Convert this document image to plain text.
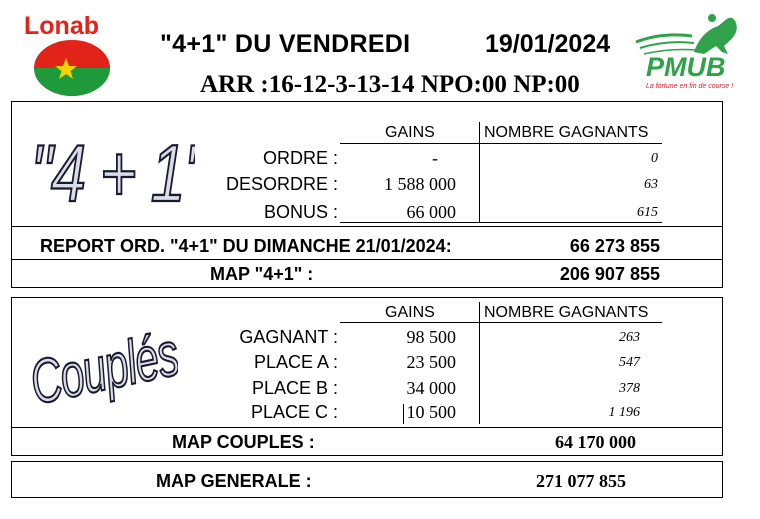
Lonab
"4+1" DU VENDREDI	19/01/2024
ARR :16-12-3-13-14 NPO:00 NP:00
PMUB
La fortune en fin de course !
"4 + 1"	GAINS	NOMBRE GAGNANTS
ORDRE :	-	0
DESORDRE :	1 588 000	63
BONUS :	66 000	615
REPORT ORD. "4+1" DU DIMANCHE 21/01/2024:	66 273 855
MAP "4+1" :	206 907 855
Couplés
GAINS	NOMBRE GAGNANTS
GAGNANT :	98 500	263
PLACE A :	23 500	547
PLACE B :	34 000	378
PLACE C :	10 500	1 196
MAP COUPLES :	64 170 000
MAP GENERALE :	271 077 855
